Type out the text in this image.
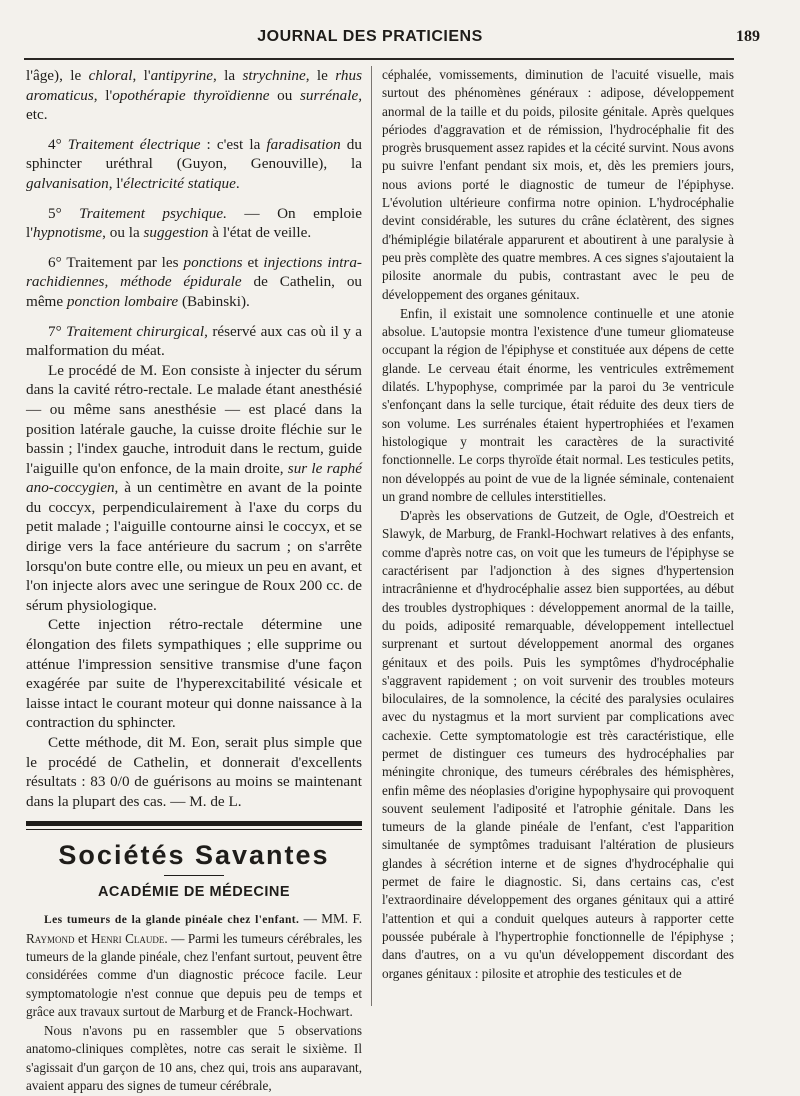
JOURNAL DES PRATICIENS	189

l'âge), le chloral, l'antipyrine, la strychnine, le rhus aromaticus, l'opothérapie thyroïdienne ou surrénale, etc.

4° Traitement électrique : c'est la faradisation du sphincter uréthral (Guyon, Genouville), la galvanisation, l'électricité statique.

5° Traitement psychique. — On emploie l'hypnotisme, ou la suggestion à l'état de veille.

6° Traitement par les ponctions et injections intra-rachidiennes, méthode épidurale de Cathelin, ou même ponction lombaire (Babinski).

7° Traitement chirurgical, réservé aux cas où il y a malformation du méat.

Le procédé de M. Eon consiste à injecter du sérum dans la cavité rétro-rectale. Le malade étant anesthésié — ou même sans anesthésie — est placé dans la position latérale gauche, la cuisse droite fléchie sur le bassin ; l'index gauche, introduit dans le rectum, guide l'aiguille qu'on enfonce, de la main droite, sur le raphé ano-coccygien, à un centimètre en avant de la pointe du coccyx, perpendiculairement à l'axe du corps du petit malade ; l'aiguille contourne ainsi le coccyx, et se dirige vers la face antérieure du sacrum ; on s'arrête lorsqu'on bute contre elle, ou mieux un peu en avant, et l'on injecte alors avec une seringue de Roux 200 cc. de sérum physiologique.

Cette injection rétro-rectale détermine une élongation des filets sympathiques ; elle supprime ou atténue l'impression sensitive transmise d'une façon exagérée par suite de l'hyperexcitabilité vésicale et laisse intact le courant moteur qui donne naissance à la contraction du sphincter.

Cette méthode, dit M. Eon, serait plus simple que le procédé de Cathelin, et donnerait d'excellents résultats : 83 0/0 de guérisons au moins se maintenant dans la plupart des cas. — M. de L.

Sociétés Savantes
ACADÉMIE DE MÉDECINE

Les tumeurs de la glande pinéale chez l'enfant. — MM. F. Raymond et Henri Claude. — Parmi les tumeurs cérébrales, les tumeurs de la glande pinéale, chez l'enfant surtout, peuvent être considérées comme d'un diagnostic précoce facile. Leur symptomatologie n'est connue que depuis peu de temps et grâce aux travaux surtout de Marburg et de Franck-Hochwart.

Nous n'avons pu en rassembler que 5 observations anatomo-cliniques complètes, notre cas serait le sixième. Il s'agissait d'un garçon de 10 ans, chez qui, trois ans auparavant, avaient apparu des signes de tumeur cérébrale,

céphalée, vomissements, diminution de l'acuité visuelle, mais surtout des phénomènes généraux : adipose, développement anormal de la taille et du poids, pilosite génitale. Après quelques périodes d'aggravation et de rémission, l'hydrocéphalie fit des progrès brusquement assez rapides et la cécité survint. Nous avons pu suivre l'enfant pendant six mois, et, dès les premiers jours, nous avions porté le diagnostic de tumeur de l'épiphyse. L'évolution ultérieure confirma notre opinion. L'hydrocéphalie devint considérable, les sutures du crâne éclatèrent, des signes d'hémiplégie bilatérale apparurent et aboutirent à une paralysie à peu près complète des quatre membres. A ces signes s'ajoutaient la pilosite anormale du pubis, contrastant avec le peu de développement des organes génitaux.

Enfin, il existait une somnolence continuelle et une atonie absolue. L'autopsie montra l'existence d'une tumeur gliomateuse occupant la région de l'épiphyse et constituée aux dépens de cette glande. Le cerveau était énorme, les ventricules extrêmement dilatés. L'hypophyse, comprimée par la paroi du 3e ventricule s'enfonçant dans la selle turcique, était réduite des deux tiers de son volume. Les surrénales étaient hypertrophiées et l'examen histologique y montrait les caractères de la suractivité fonctionnelle. Le corps thyroïde était normal. Les testicules petits, non développés au point de vue de la lignée séminale, contenaient un grand nombre de cellules interstitielles.

D'après les observations de Gutzeit, de Ogle, d'Oestreich et Slawyk, de Marburg, de Frankl-Hochwart relatives à des enfants, comme d'après notre cas, on voit que les tumeurs de l'épiphyse se caractérisent par l'adjonction à des signes d'hypertension intracrânienne et d'hydrocéphalie assez bien supportées, au début des troubles dystrophiques : développement anormal de la taille, du poids, adiposité remarquable, développement intellectuel surprenant et surtout développement anormal des organes génitaux et des poils. Puis les symptômes d'hydrocéphalie s'aggravent rapidement ; on voit survenir des troubles moteurs biloculaires, de la somnolence, la cécité des paralysies oculaires avec du nystagmus et la mort survient par complications avec cachexie. Cette symptomatologie est très caractéristique, elle permet de distinguer ces tumeurs des hydrocéphalies par méningite chronique, des tumeurs cérébrales des hémisphères, enfin même des néoplasies d'origine hypophysaire qui provoquent souvent seulement l'adiposité et l'atrophie génitale. Dans les tumeurs de la glande pinéale de l'enfant, c'est l'apparition simultanée de symptômes traduisant l'altération de plusieurs glandes à sécrétion interne et de signes d'hydrocéphalie qui permet de faire le diagnostic. Si, dans certains cas, c'est l'extraordinaire développement des organes génitaux qui a attiré l'attention et qui a conduit quelques auteurs à rapporter cette poussée pubérale à l'hypertrophie fonctionnelle de l'épiphyse ; dans d'autres, on a vu qu'un développement discordant des organes génitaux : pilosite et atrophie des testicules et de
